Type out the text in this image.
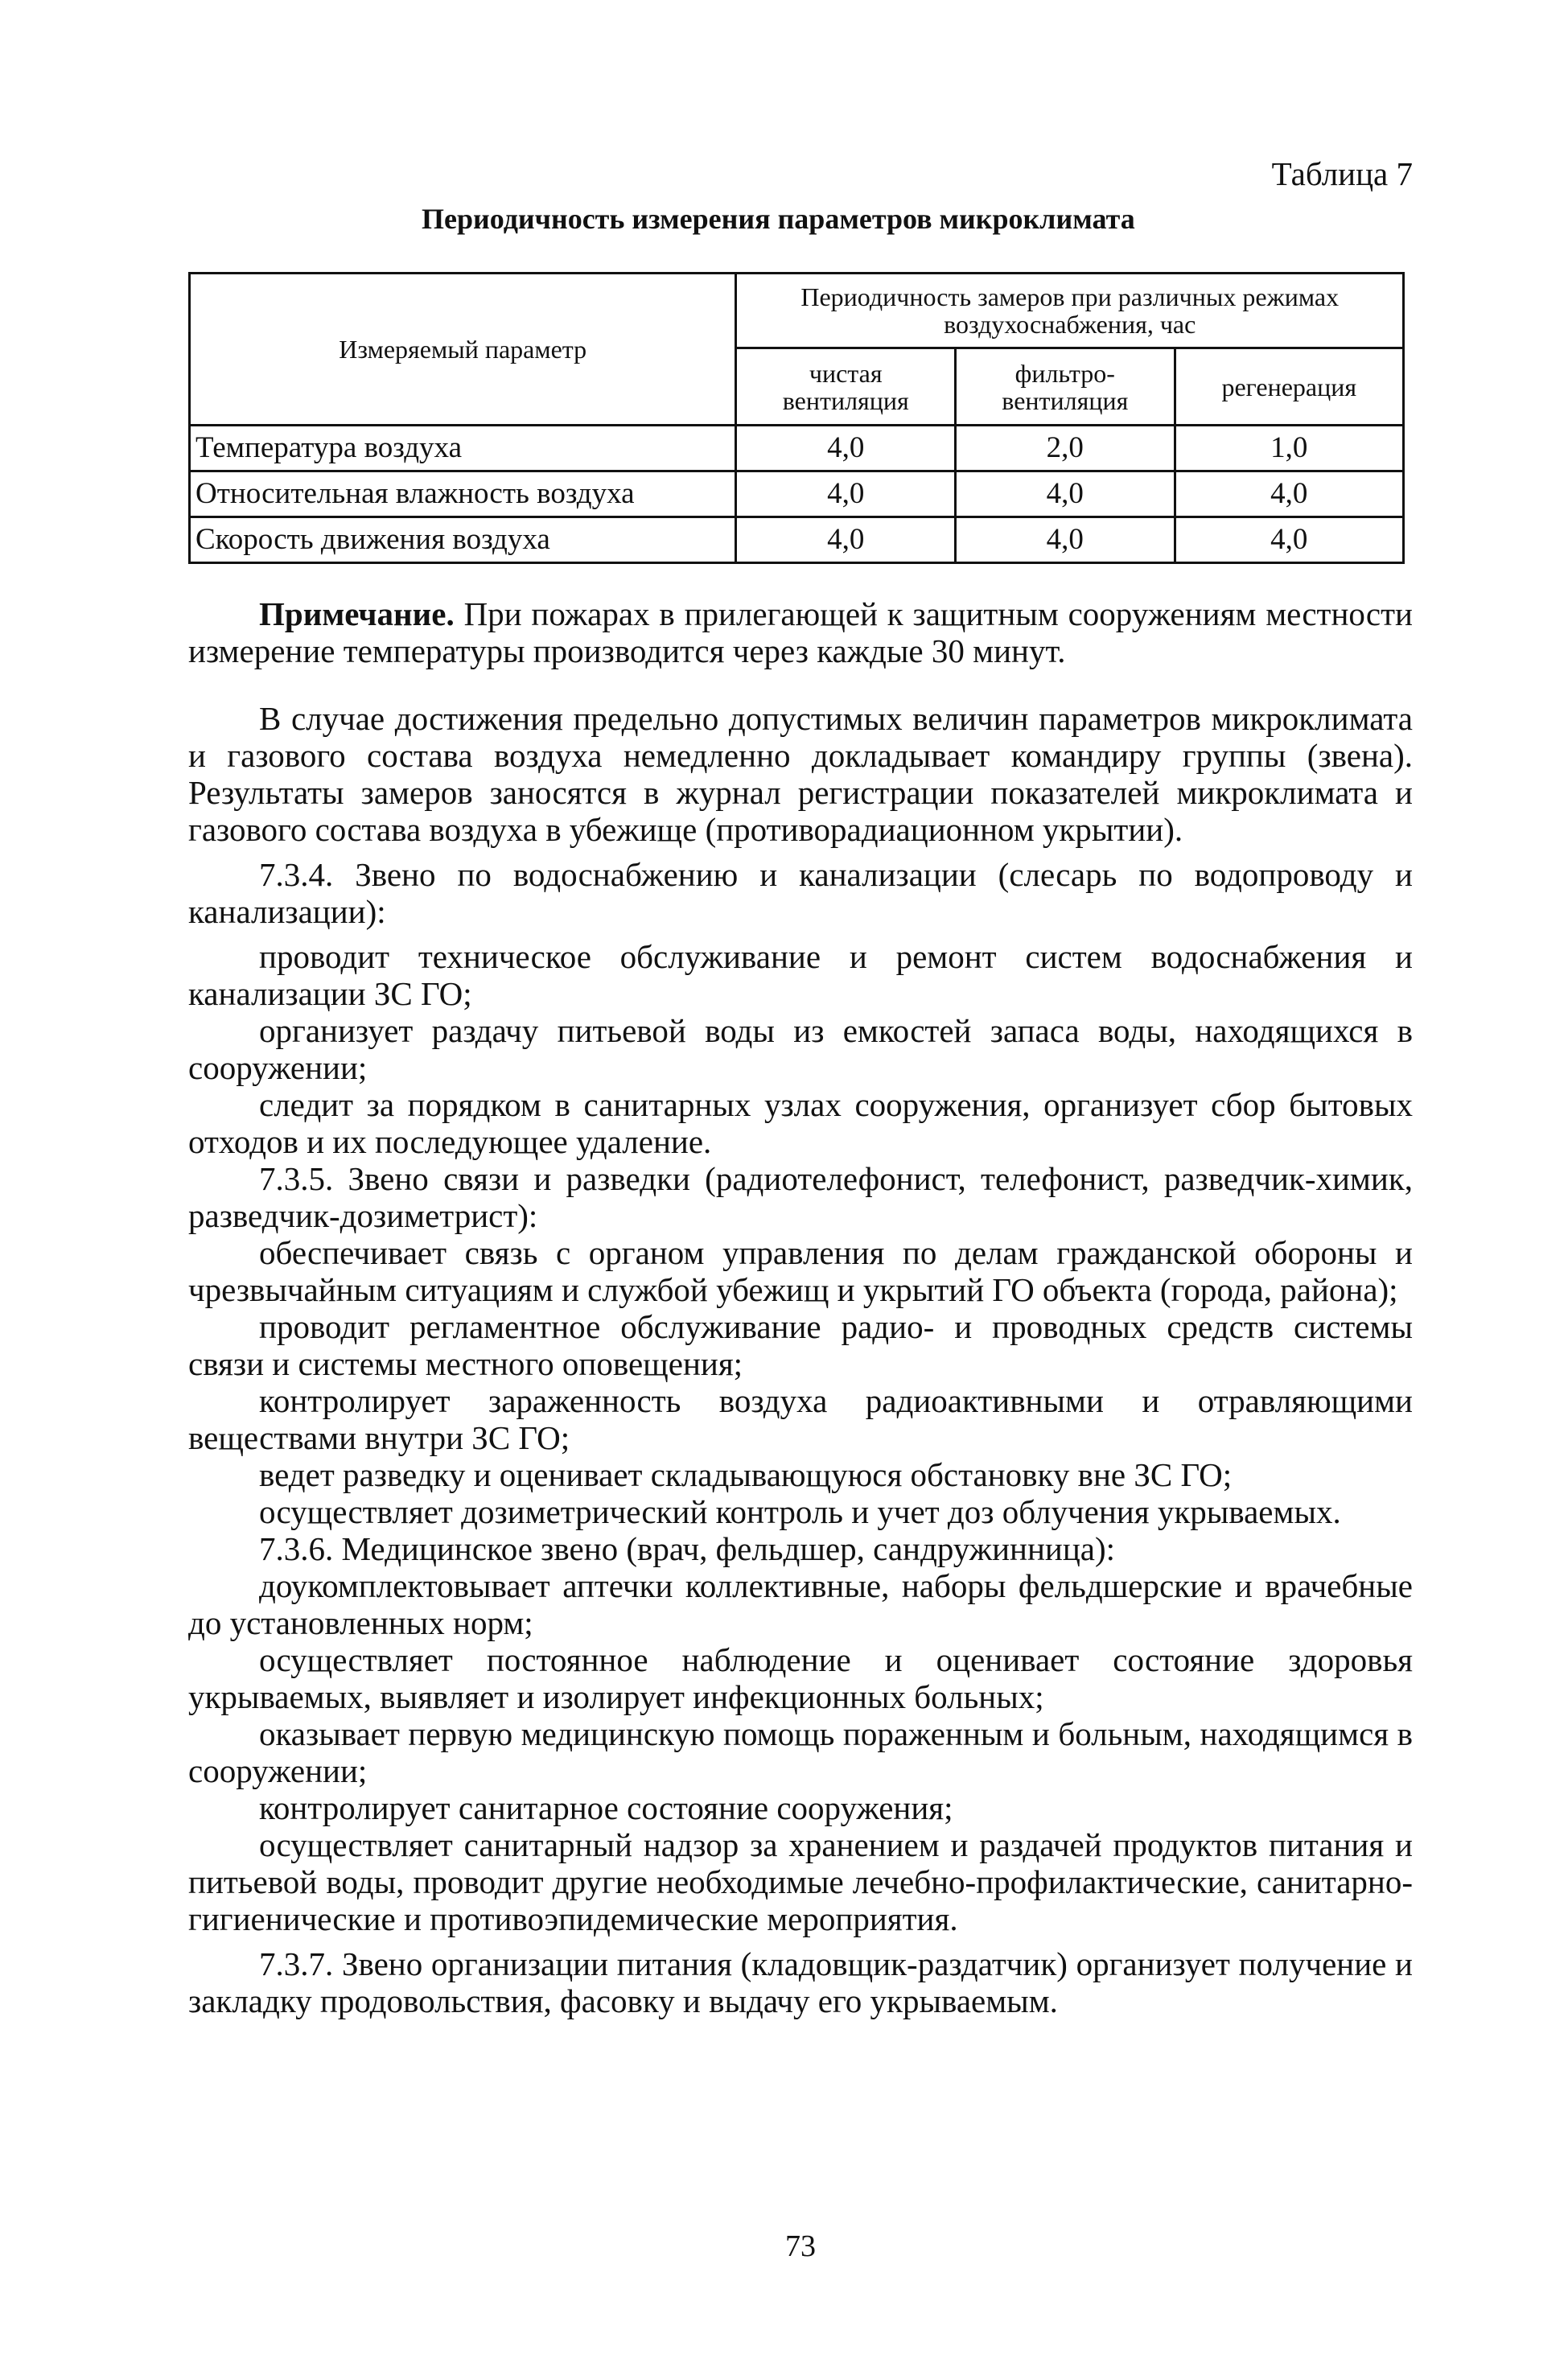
Таблица 7
Периодичность измерения параметров микроклимата
Измеряемый параметр	Периодичность замеров при различных режимах воздухоснабжения, час		
	чистая вентиляция	фильтро-вентиляция	регенерация
Температура воздуха	4,0	2,0	1,0
Относительная влажность воздуха	4,0	4,0	4,0
Скорость движения воздуха	4,0	4,0	4,0

Примечание. При пожарах в прилегающей к защитным сооружениям местности измерение температуры производится через каждые 30 минут.

В случае достижения предельно допустимых величин параметров микроклимата и газового состава воздуха немедленно докладывает командиру группы (звена). Результаты замеров заносятся в журнал регистрации показателей микроклимата и газового состава воздуха в убежище (противорадиационном укрытии).

7.3.4. Звено по водоснабжению и канализации (слесарь по водопроводу и канализации):

проводит техническое обслуживание и ремонт систем водоснабжения и канализации ЗС ГО;

организует раздачу питьевой воды из емкостей запаса воды, находящихся в сооружении;

следит за порядком в санитарных узлах сооружения, организует сбор бытовых отходов и их последующее удаление.

7.3.5. Звено связи и разведки (радиотелефонист, телефонист, разведчик-химик, разведчик-дозиметрист):

обеспечивает связь с органом управления по делам гражданской обороны и чрезвычайным ситуациям и службой убежищ и укрытий ГО объекта (города, района);

проводит регламентное обслуживание радио- и проводных средств системы связи и системы местного оповещения;

контролирует зараженность воздуха радиоактивными и отравляющими веществами внутри ЗС ГО;

ведет разведку и оценивает складывающуюся обстановку вне ЗС ГО;

осуществляет дозиметрический контроль и учет доз облучения укрываемых.

7.3.6. Медицинское звено (врач, фельдшер, сандружинница):

доукомплектовывает аптечки коллективные, наборы фельдшерские и врачебные до установленных норм;

осуществляет постоянное наблюдение и оценивает состояние здоровья укрываемых, выявляет и изолирует инфекционных больных;

оказывает первую медицинскую помощь пораженным и больным, находящимся в сооружении;

контролирует санитарное состояние сооружения;

осуществляет санитарный надзор за хранением и раздачей продуктов питания и питьевой воды, проводит другие необходимые лечебно-профилактические, санитарно-гигиенические и противоэпидемические мероприятия.

7.3.7. Звено организации питания (кладовщик-раздатчик) организует получение и закладку продовольствия, фасовку и выдачу его укрываемым.

73
